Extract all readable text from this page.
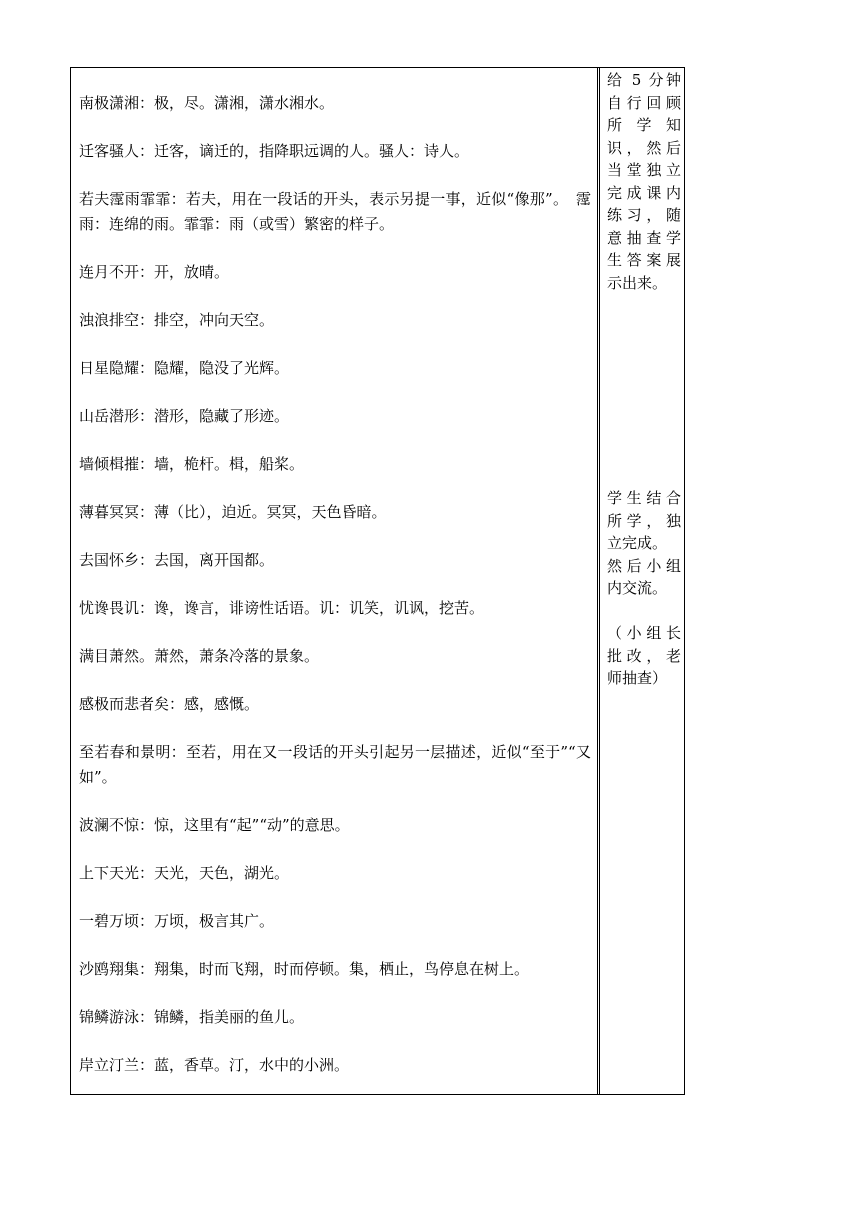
南极潇湘：极，尽。潇湘，潇水湘水。

迁客骚人：迁客，谪迁的，指降职远调的人。骚人：诗人。

若夫霪雨霏霏：若夫，用在一段话的开头，表示另提一事，近似“像那”。　霪雨：连绵的雨。霏霏：雨（或雪）繁密的样子。

连月不开：开，放晴。

浊浪排空：排空，冲向天空。

日星隐耀：隐耀，隐没了光辉。

山岳潜形：潜形，隐藏了形迹。

墙倾楫摧：墙，桅杆。楫，船桨。

薄暮冥冥：薄（比），迫近。冥冥，天色昏暗。

去国怀乡：去国，离开国都。

忧谗畏讥：谗，谗言，诽谤性话语。讥：讥笑，讥讽，挖苦。

满目萧然。萧然，萧条冷落的景象。

感极而悲者矣：感，感慨。

至若春和景明：至若，用在又一段话的开头引起另一层描述，近似“至于”“又如”。

波澜不惊：惊，这里有“起”“动”的意思。

上下天光：天光，天色，湖光。

一碧万顷：万顷，极言其广。

沙鸥翔集：翔集，时而飞翔，时而停顿。集，栖止，鸟停息在树上。

锦鳞游泳：锦鳞，指美丽的鱼儿。

岸立汀兰：蓝，香草。汀，水中的小洲。

给 5 分钟
自行回顾
所学知
识，然后
当堂独立
完成课内
练习，随
意抽查学
生答案展
示出来。
学生结合
所学，独
立完成。
然后小组
内交流。
（小组长
批改，老
师抽查）
